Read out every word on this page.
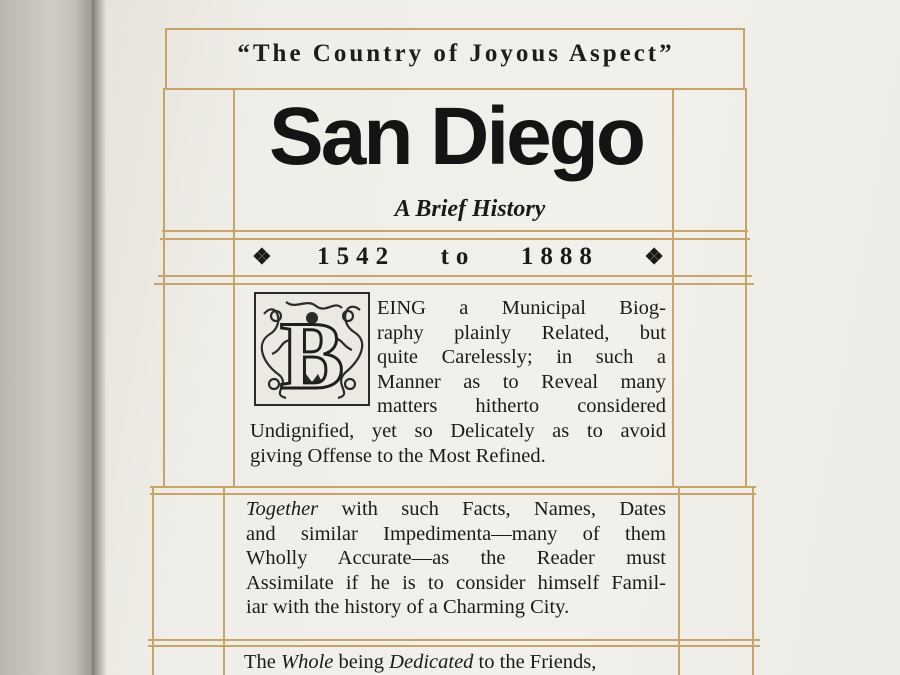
“The Country of Joyous Aspect”
San Diego
A Brief History
❖ 1542 to 1888 ❖
B	EING a Municipal Biog-
raphy plainly Related, but
quite Carelessly; in such a
Manner as to Reveal many
matters hitherto considered
Undignified, yet so Delicately as to avoid
giving Offense to the Most Refined.
Together with such Facts, Names, Dates
and similar Impedimenta—many of them
Wholly Accurate—as the Reader must
Assimilate if he is to consider himself Famil-
iar with the history of a Charming City.
The Whole being Dedicated to the Friends,
